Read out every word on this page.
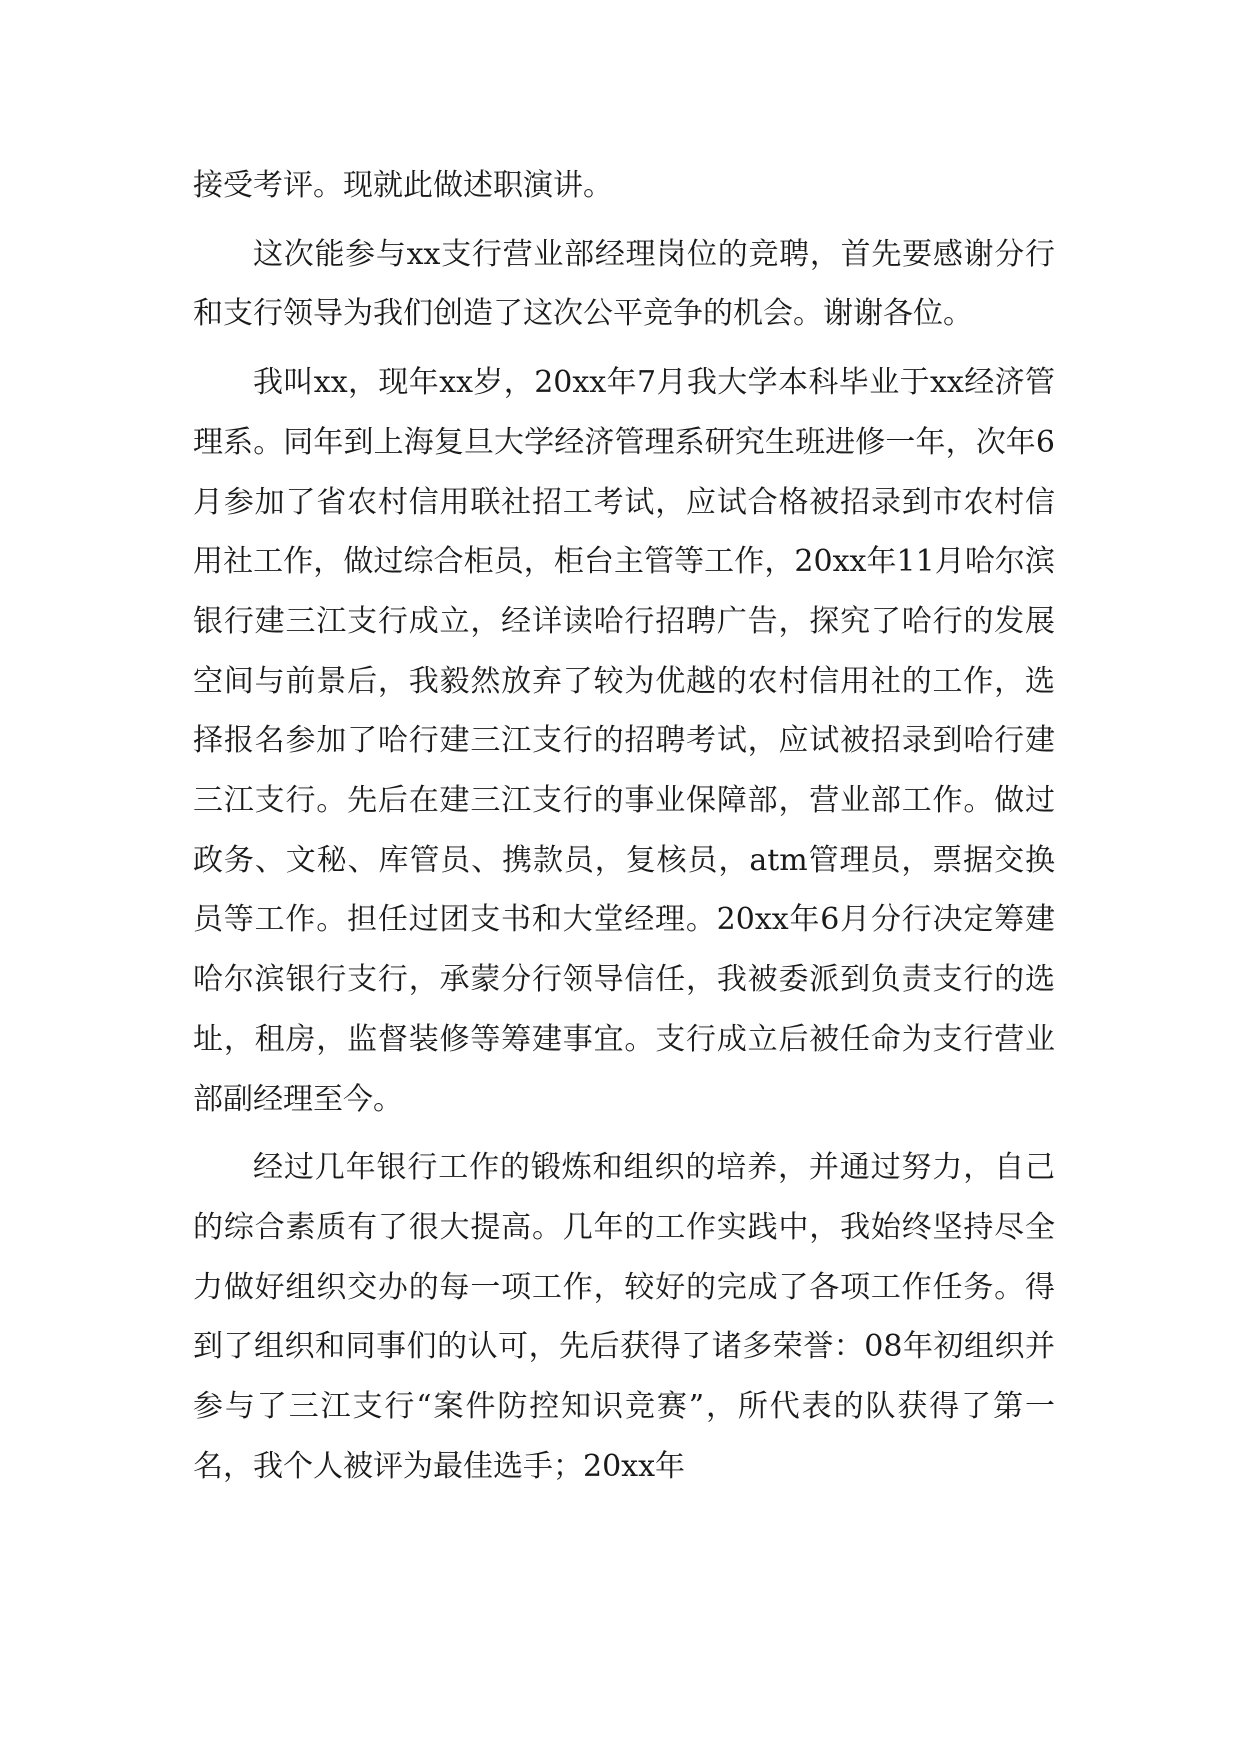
接受考评。现就此做述职演讲。

这次能参与xx支行营业部经理岗位的竞聘，首先要感谢分行和支行领导为我们创造了这次公平竞争的机会。谢谢各位。

我叫xx，现年xx岁，20xx年7月我大学本科毕业于xx经济管理系。同年到上海复旦大学经济管理系研究生班进修一年，次年6月参加了省农村信用联社招工考试，应试合格被招录到市农村信用社工作，做过综合柜员，柜台主管等工作，20xx年11月哈尔滨银行建三江支行成立，经详读哈行招聘广告，探究了哈行的发展空间与前景后，我毅然放弃了较为优越的农村信用社的工作，选择报名参加了哈行建三江支行的招聘考试，应试被招录到哈行建三江支行。先后在建三江支行的事业保障部，营业部工作。做过政务、文秘、库管员、携款员，复核员，atm管理员，票据交换员等工作。担任过团支书和大堂经理。20xx年6月分行决定筹建哈尔滨银行支行，承蒙分行领导信任，我被委派到负责支行的选址，租房，监督装修等筹建事宜。支行成立后被任命为支行营业部副经理至今。

经过几年银行工作的锻炼和组织的培养，并通过努力，自己的综合素质有了很大提高。几年的工作实践中，我始终坚持尽全力做好组织交办的每一项工作，较好的完成了各项工作任务。得到了组织和同事们的认可，先后获得了诸多荣誉：08年初组织并参与了三江支行“案件防控知识竞赛”，所代表的队获得了第一名，我个人被评为最佳选手；20xx年
